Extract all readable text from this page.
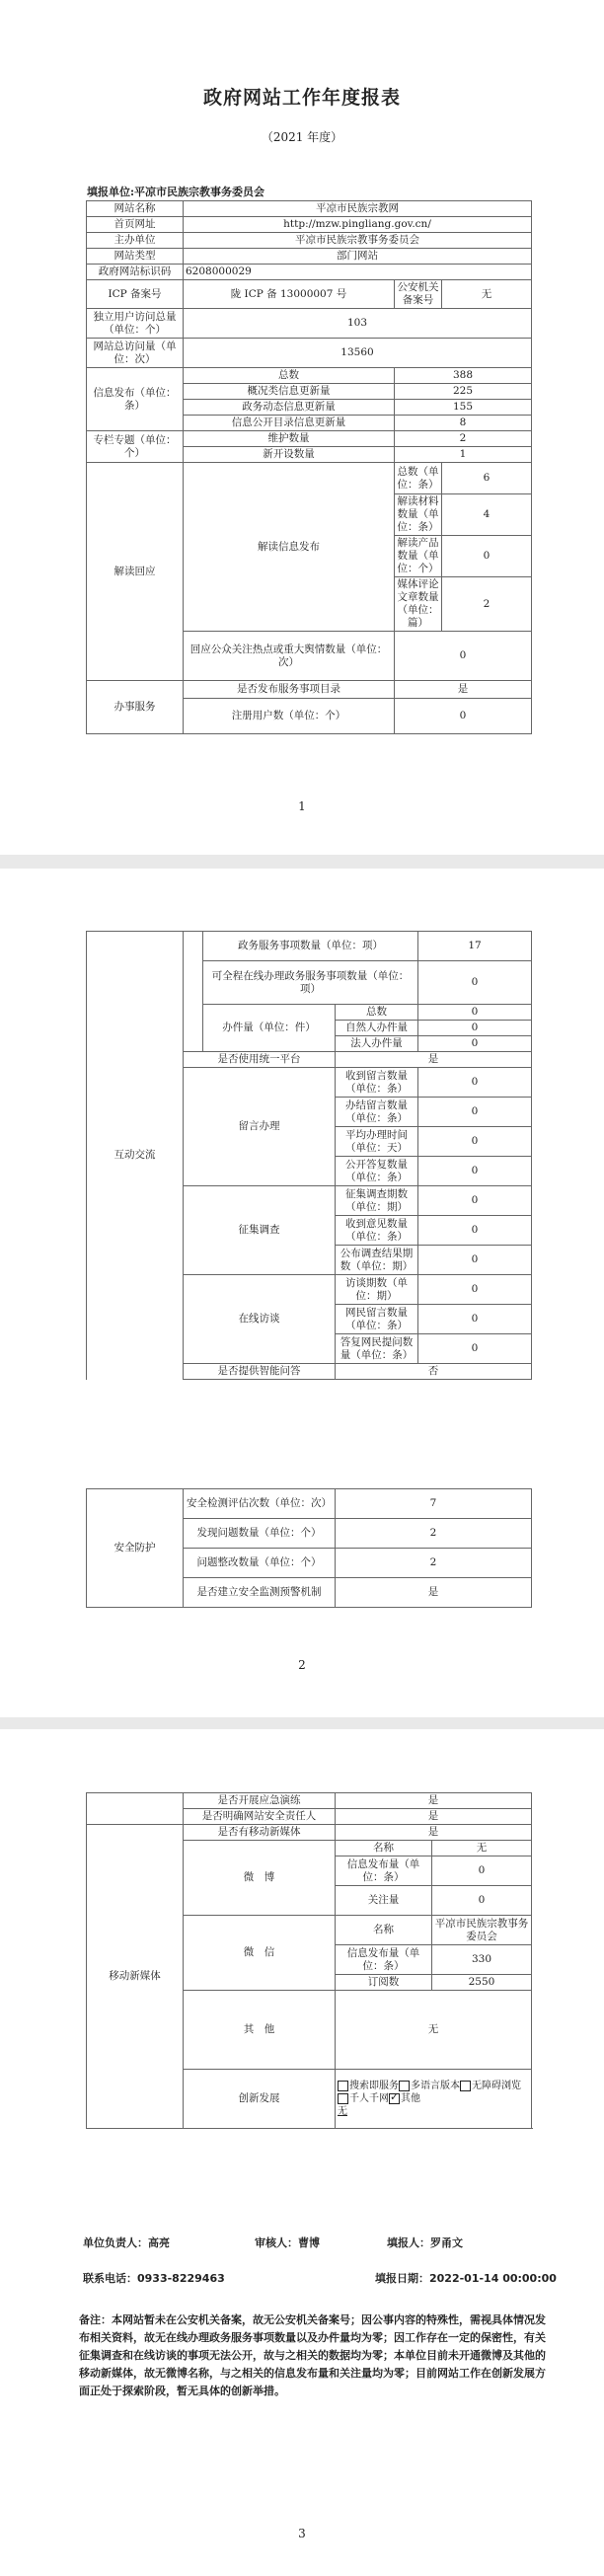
政府网站工作年度报表
（2021 年度）
填报单位:平凉市民族宗教事务委员会
网站名称	平凉市民族宗教网		
首页网址	http://mzw.pingliang.gov.cn/		
主办单位	平凉市民族宗教事务委员会		
网站类型	部门网站		
政府网站标识码	6208000029		
ICP 备案号	陇 ICP 备 13000007 号	公安机关备案号	无
独立用户访问总量（单位：个）	103		
网站总访问量（单位：次）	13560		
信息发布（单位：条）	总数	388	
	概况类信息更新量	225	
	政务动态信息更新量	155	
	信息公开目录信息更新量	8	
专栏专题（单位：个）	维护数量	2	
	新开设数量	1	
解读回应	解读信息发布	总数（单位：条）	6
		解读材料数量（单位：条）	4
		解读产品数量（单位：个）	0
		媒体评论文章数量（单位：篇）	2
	回应公众关注热点或重大舆情数量（单位：次）	0	
办事服务	是否发布服务事项目录	是	
	注册用户数（单位：个）	0	
1
互动交流		政务服务事项数量（单位：项）		17
		可全程在线办理政务服务事项数量（单位：项）		0
		办件量（单位：件）	总数	0
			自然人办件量	0
			法人办件量	0
	是否使用统一平台		是	
	留言办理		收到留言数量（单位：条）	0
			办结留言数量（单位：条）	0
			平均办理时间（单位：天）	0
			公开答复数量（单位：条）	0
	征集调查		征集调查期数（单位：期）	0
			收到意见数量（单位：条）	0
			公布调查结果期数（单位：期）	0
	在线访谈		访谈期数（单位：期）	0
			网民留言数量（单位：条）	0
			答复网民提问数量（单位：条）	0
	是否提供智能问答		否	
安全防护	安全检测评估次数（单位：次）	7
	发现问题数量（单位：个）	2
	问题整改数量（单位：个）	2
	是否建立安全监测预警机制	是
2
	是否开展应急演练	是	
	是否明确网站安全责任人	是	
移动新媒体	是否有移动新媒体	是	
	微　博	名称	无
		信息发布量（单位：条）	0
		关注量	0
	微　信	名称	平凉市民族宗教事务委员会
		信息发布量（单位：条）	330
		订阅数	2550
	其　他	无	
	创新发展	搜索即服务 多语言版本 无障碍浏览千人千网 ✓ 其他
无
单位负责人：高亮	审核人：曹博	填报人：罗甬文
联系电话：0933-8229463	填报日期：2022-01-14 00:00:00
备注：本网站暂未在公安机关备案，故无公安机关备案号；因公事内容的特殊性，需视具体情况发布相关资料，故无在线办理政务服务事项数量以及办件量均为零；因工作存在一定的保密性，有关征集调查和在线访谈的事项无法公开，故与之相关的数据均为零；本单位目前未开通微博及其他的移动新媒体，故无微博名称，与之相关的信息发布量和关注量均为零；目前网站工作在创新发展方面正处于探索阶段，暂无具体的创新举措。
3
